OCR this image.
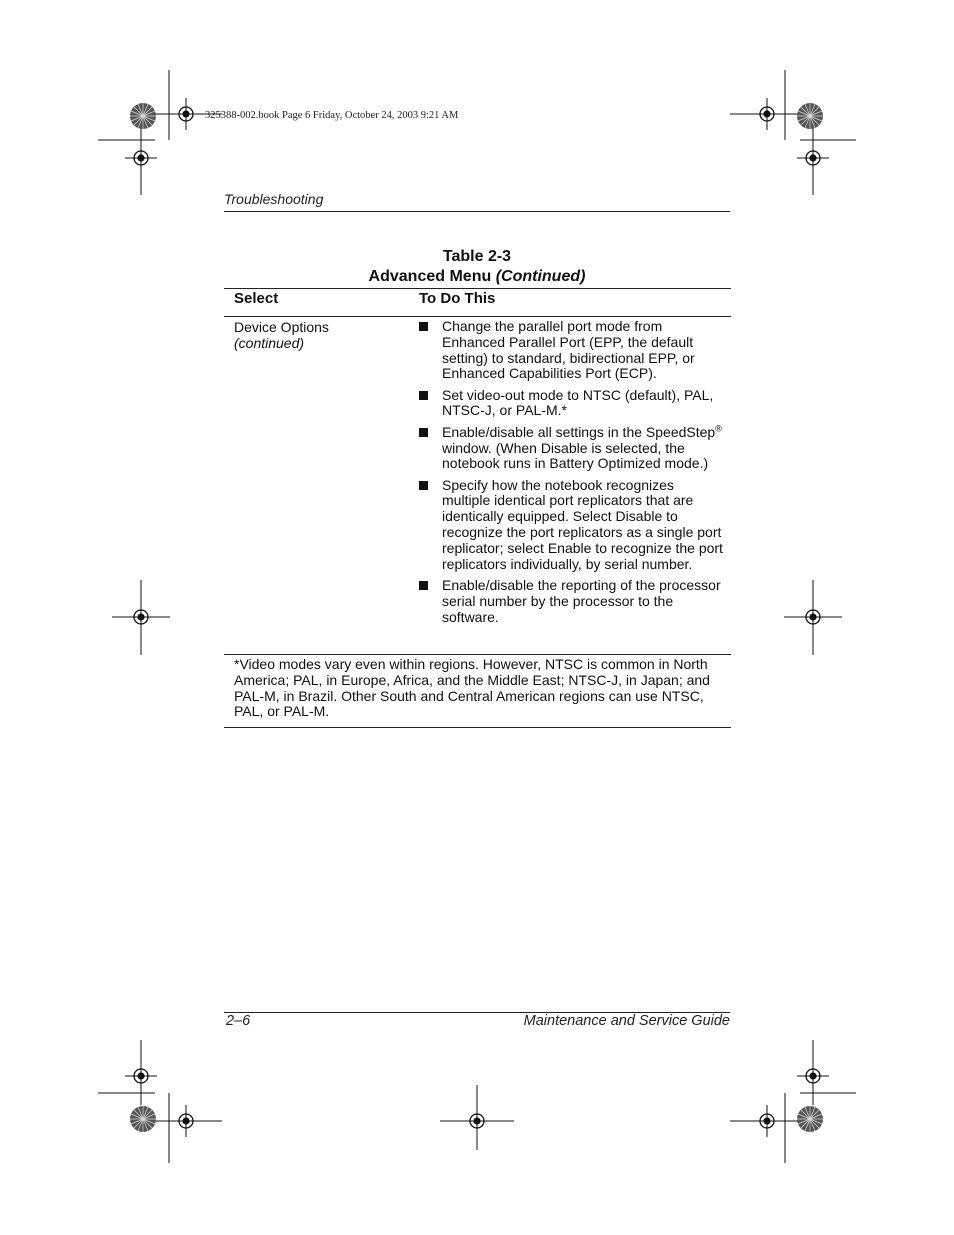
325388-002.book Page 6 Friday, October 24, 2003 9:21 AM
Troubleshooting
Table 2-3
Advanced Menu (Continued)
Select	To Do This
Device Options
(continued)
Change the parallel port mode from Enhanced Parallel Port (EPP, the default setting) to standard, bidirectional EPP, or Enhanced Capabilities Port (ECP).
Set video-out mode to NTSC (default), PAL, NTSC-J, or PAL-M.*
Enable/disable all settings in the SpeedStep® window. (When Disable is selected, the notebook runs in Battery Optimized mode.)
Specify how the notebook recognizes multiple identical port replicators that are identically equipped. Select Disable to recognize the port replicators as a single port replicator; select Enable to recognize the port replicators individually, by serial number.
Enable/disable the reporting of the processor serial number by the processor to the software.
*Video modes vary even within regions. However, NTSC is common in North America; PAL, in Europe, Africa, and the Middle East; NTSC-J, in Japan; and PAL-M, in Brazil. Other South and Central American regions can use NTSC, PAL, or PAL-M.
2–6	Maintenance and Service Guide
